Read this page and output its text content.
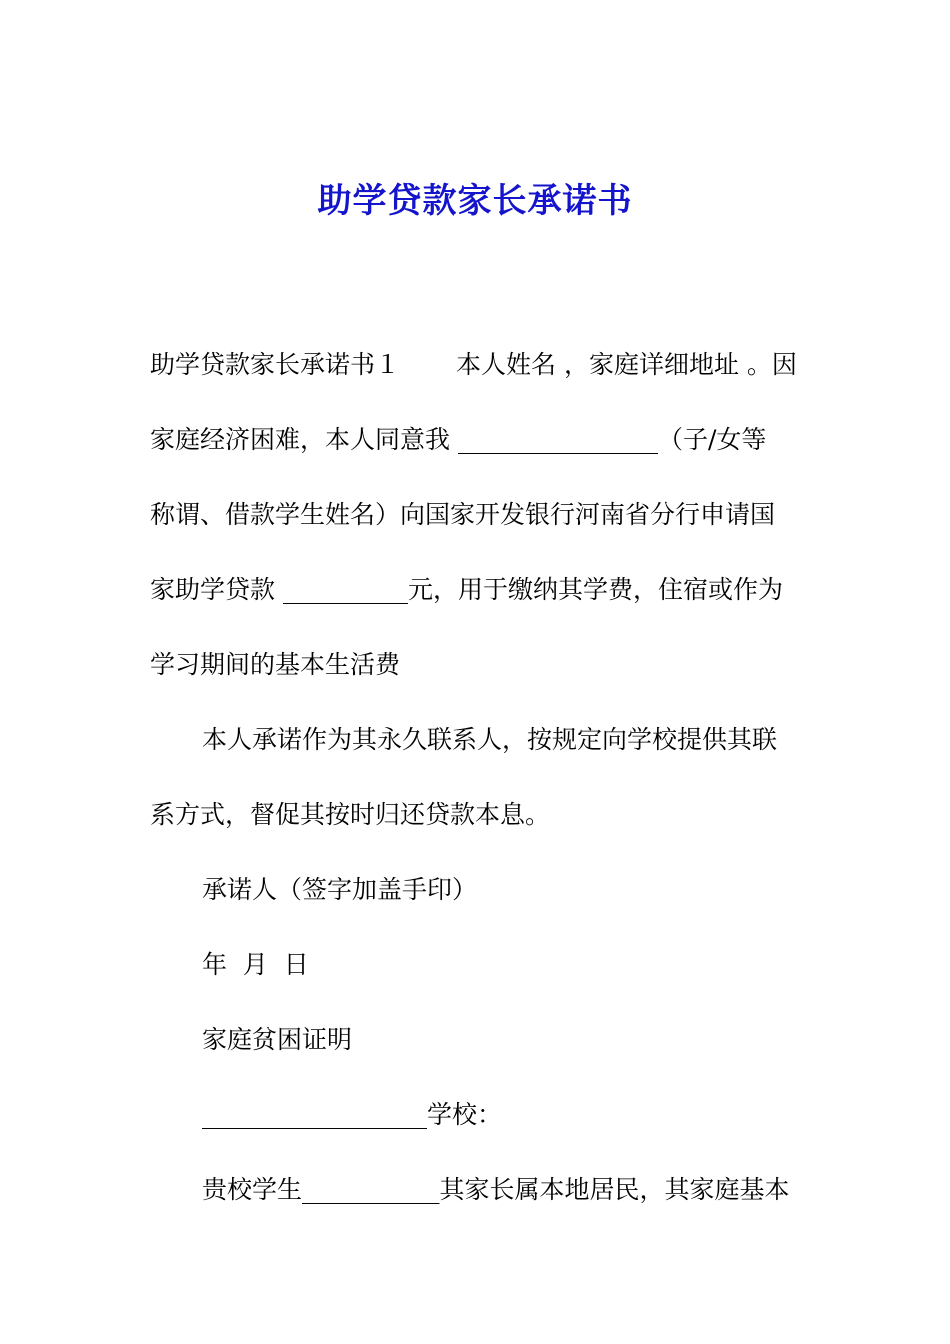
助学贷款家长承诺书

助学贷款家长承诺书１ 本人姓名 ，家庭详细地址 。因
家庭经济困难，本人同意我 ________________（子/女等
称谓、借款学生姓名）向国家开发银行河南省分行申请国
家助学贷款 __________元，用于缴纳其学费，住宿或作为
学习期间的基本生活费

本人承诺作为其永久联系人，按规定向学校提供其联
系方式，督促其按时归还贷款本息。

承诺人（签字加盖手印）

年  月  日

家庭贫困证明

__________________学校：

贵校学生___________其家长属本地居民，其家庭基本
